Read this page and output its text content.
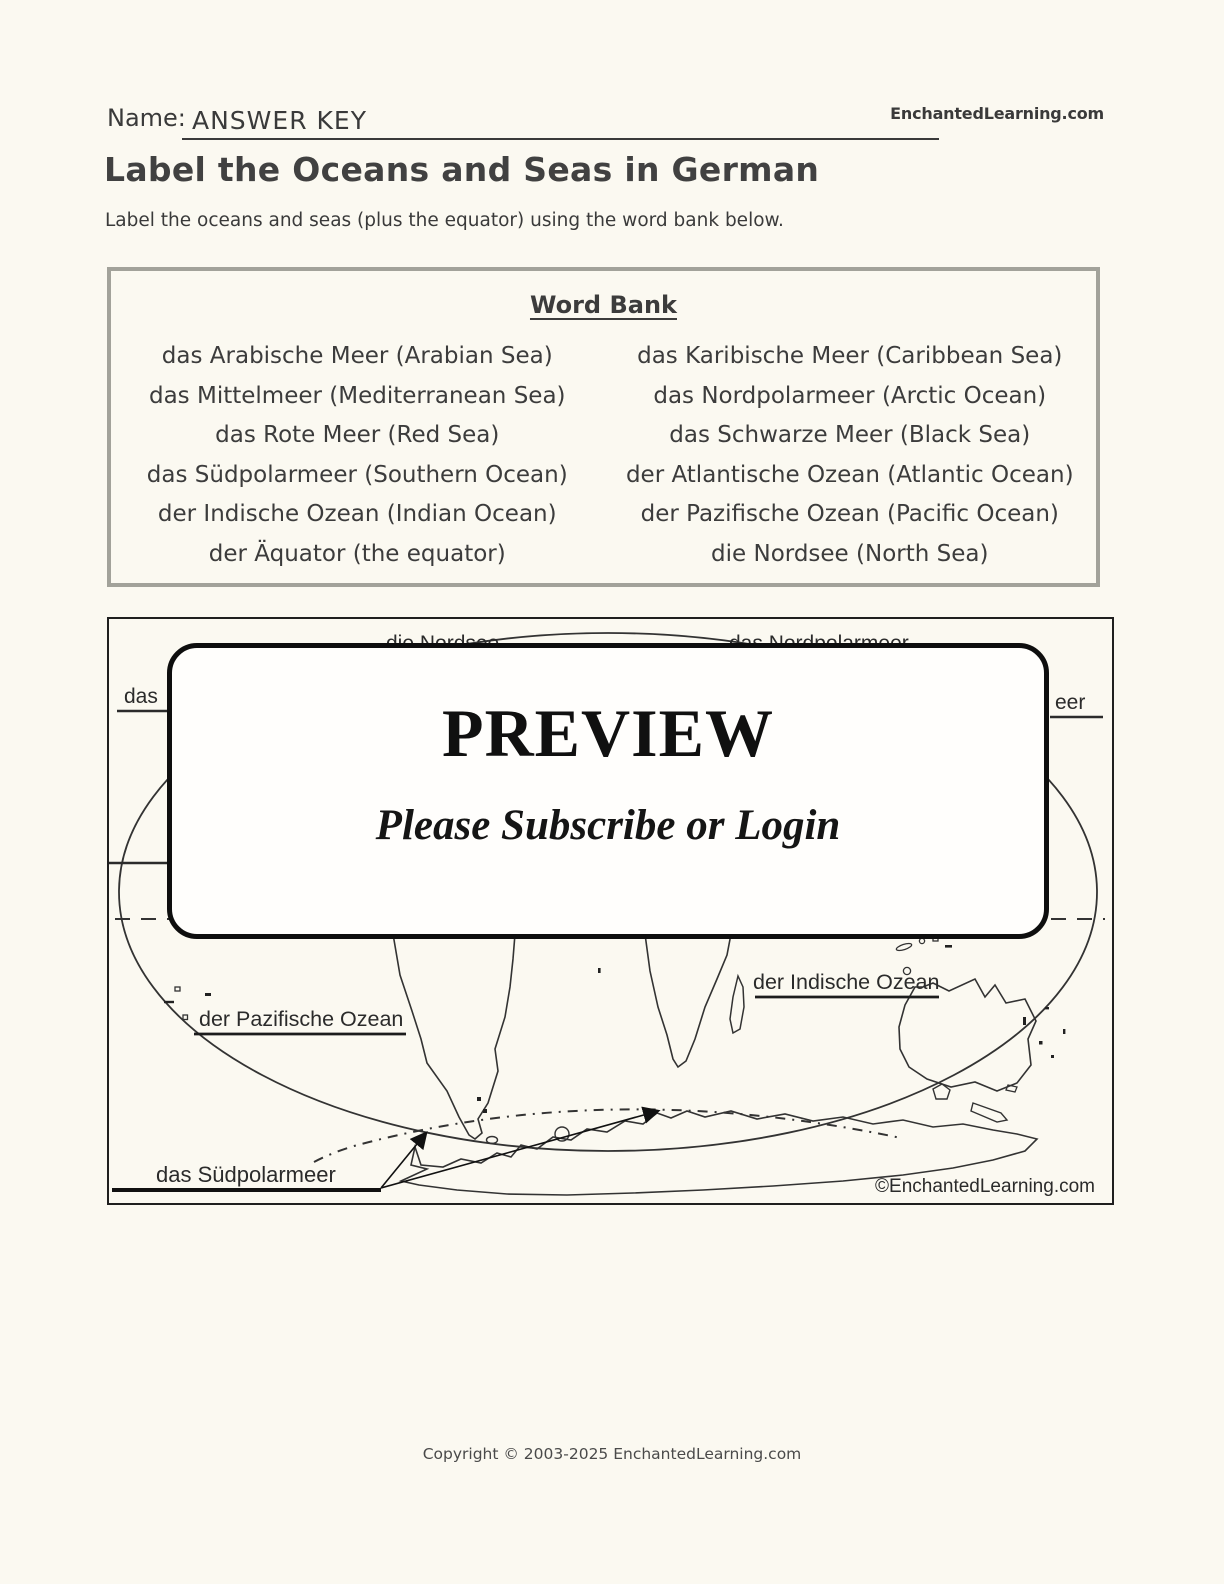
Name: ANSWER KEY	EnchantedLearning.com
Label the Oceans and Seas in German
Label the oceans and seas (plus the equator) using the word bank below.
Word Bank
das Arabische Meer (Arabian Sea)
das Mittelmeer (Mediterranean Sea)
das Rote Meer (Red Sea)
das Südpolarmeer (Southern Ocean)
der Indische Ozean (Indian Ocean)
der Äquator (the equator)
das Karibische Meer (Caribbean Sea)
das Nordpolarmeer (Arctic Ocean)
das Schwarze Meer (Black Sea)
der Atlantische Ozean (Atlantic Ocean)
der Pazifische Ozean (Pacific Ocean)
die Nordsee (North Sea)
das	eer
der Indische Ozean
der Pazifische Ozean
das Südpolarmeer	©EnchantedLearning.com

PREVIEW

Please Subscribe or Login

Copyright © 2003-2025 EnchantedLearning.com
